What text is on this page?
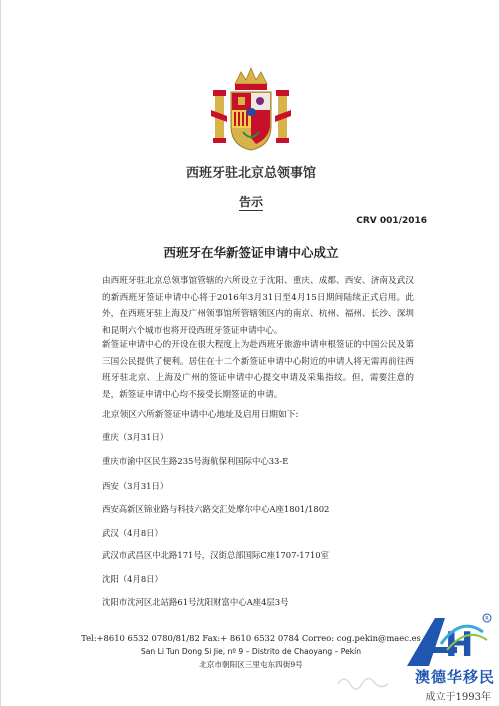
西班牙驻北京总领事馆
告示
CRV 001/2016
西班牙在华新签证申请中心成立

由西班牙驻北京总领事馆管辖的六所设立于沈阳、重庆、成都、西安、济南及武汉的新西班牙签证申请中心将于2016年3月31日至4月15日期间陆续正式启用。此外，在西班牙驻上海及广州领事馆所管辖领区内的南京、杭州、福州、长沙、深圳和昆明六个城市也将开设西班牙签证申请中心。

新签证申请中心的开设在很大程度上为赴西班牙旅游申请申根签证的中国公民及第三国公民提供了便利。居住在十二个新签证申请中心附近的申请人将无需再前往西班牙驻北京、上海及广州的签证申请中心提交申请及采集指纹。但，需要注意的是，新签证申请中心均不接受长期签证的申请。

北京领区六所新签证申请中心地址及启用日期如下:
重庆（3月31日）
重庆市渝中区民生路235号海航保利国际中心33-E
西安（3月31日）
西安高新区锦业路与科技六路交汇处摩尔中心A座1801/1802
武汉（4月8日）
武汉市武昌区中北路171号，汉街总部国际C座1707-1710室
沈阳（4月8日）
沈阳市沈河区北站路61号沈阳财富中心A座4层3号
Tel:+8610 6532 0780/81/82 Fax:+ 8610 6532 0784 Correo: cog.pekin@maec.es
San Li Tun Dong Si Jie, nº 9 – Distrito de Chaoyang – Pekín
北京市朝阳区三里屯东四街9号	H
R
澳德华移民
成立于1993年
